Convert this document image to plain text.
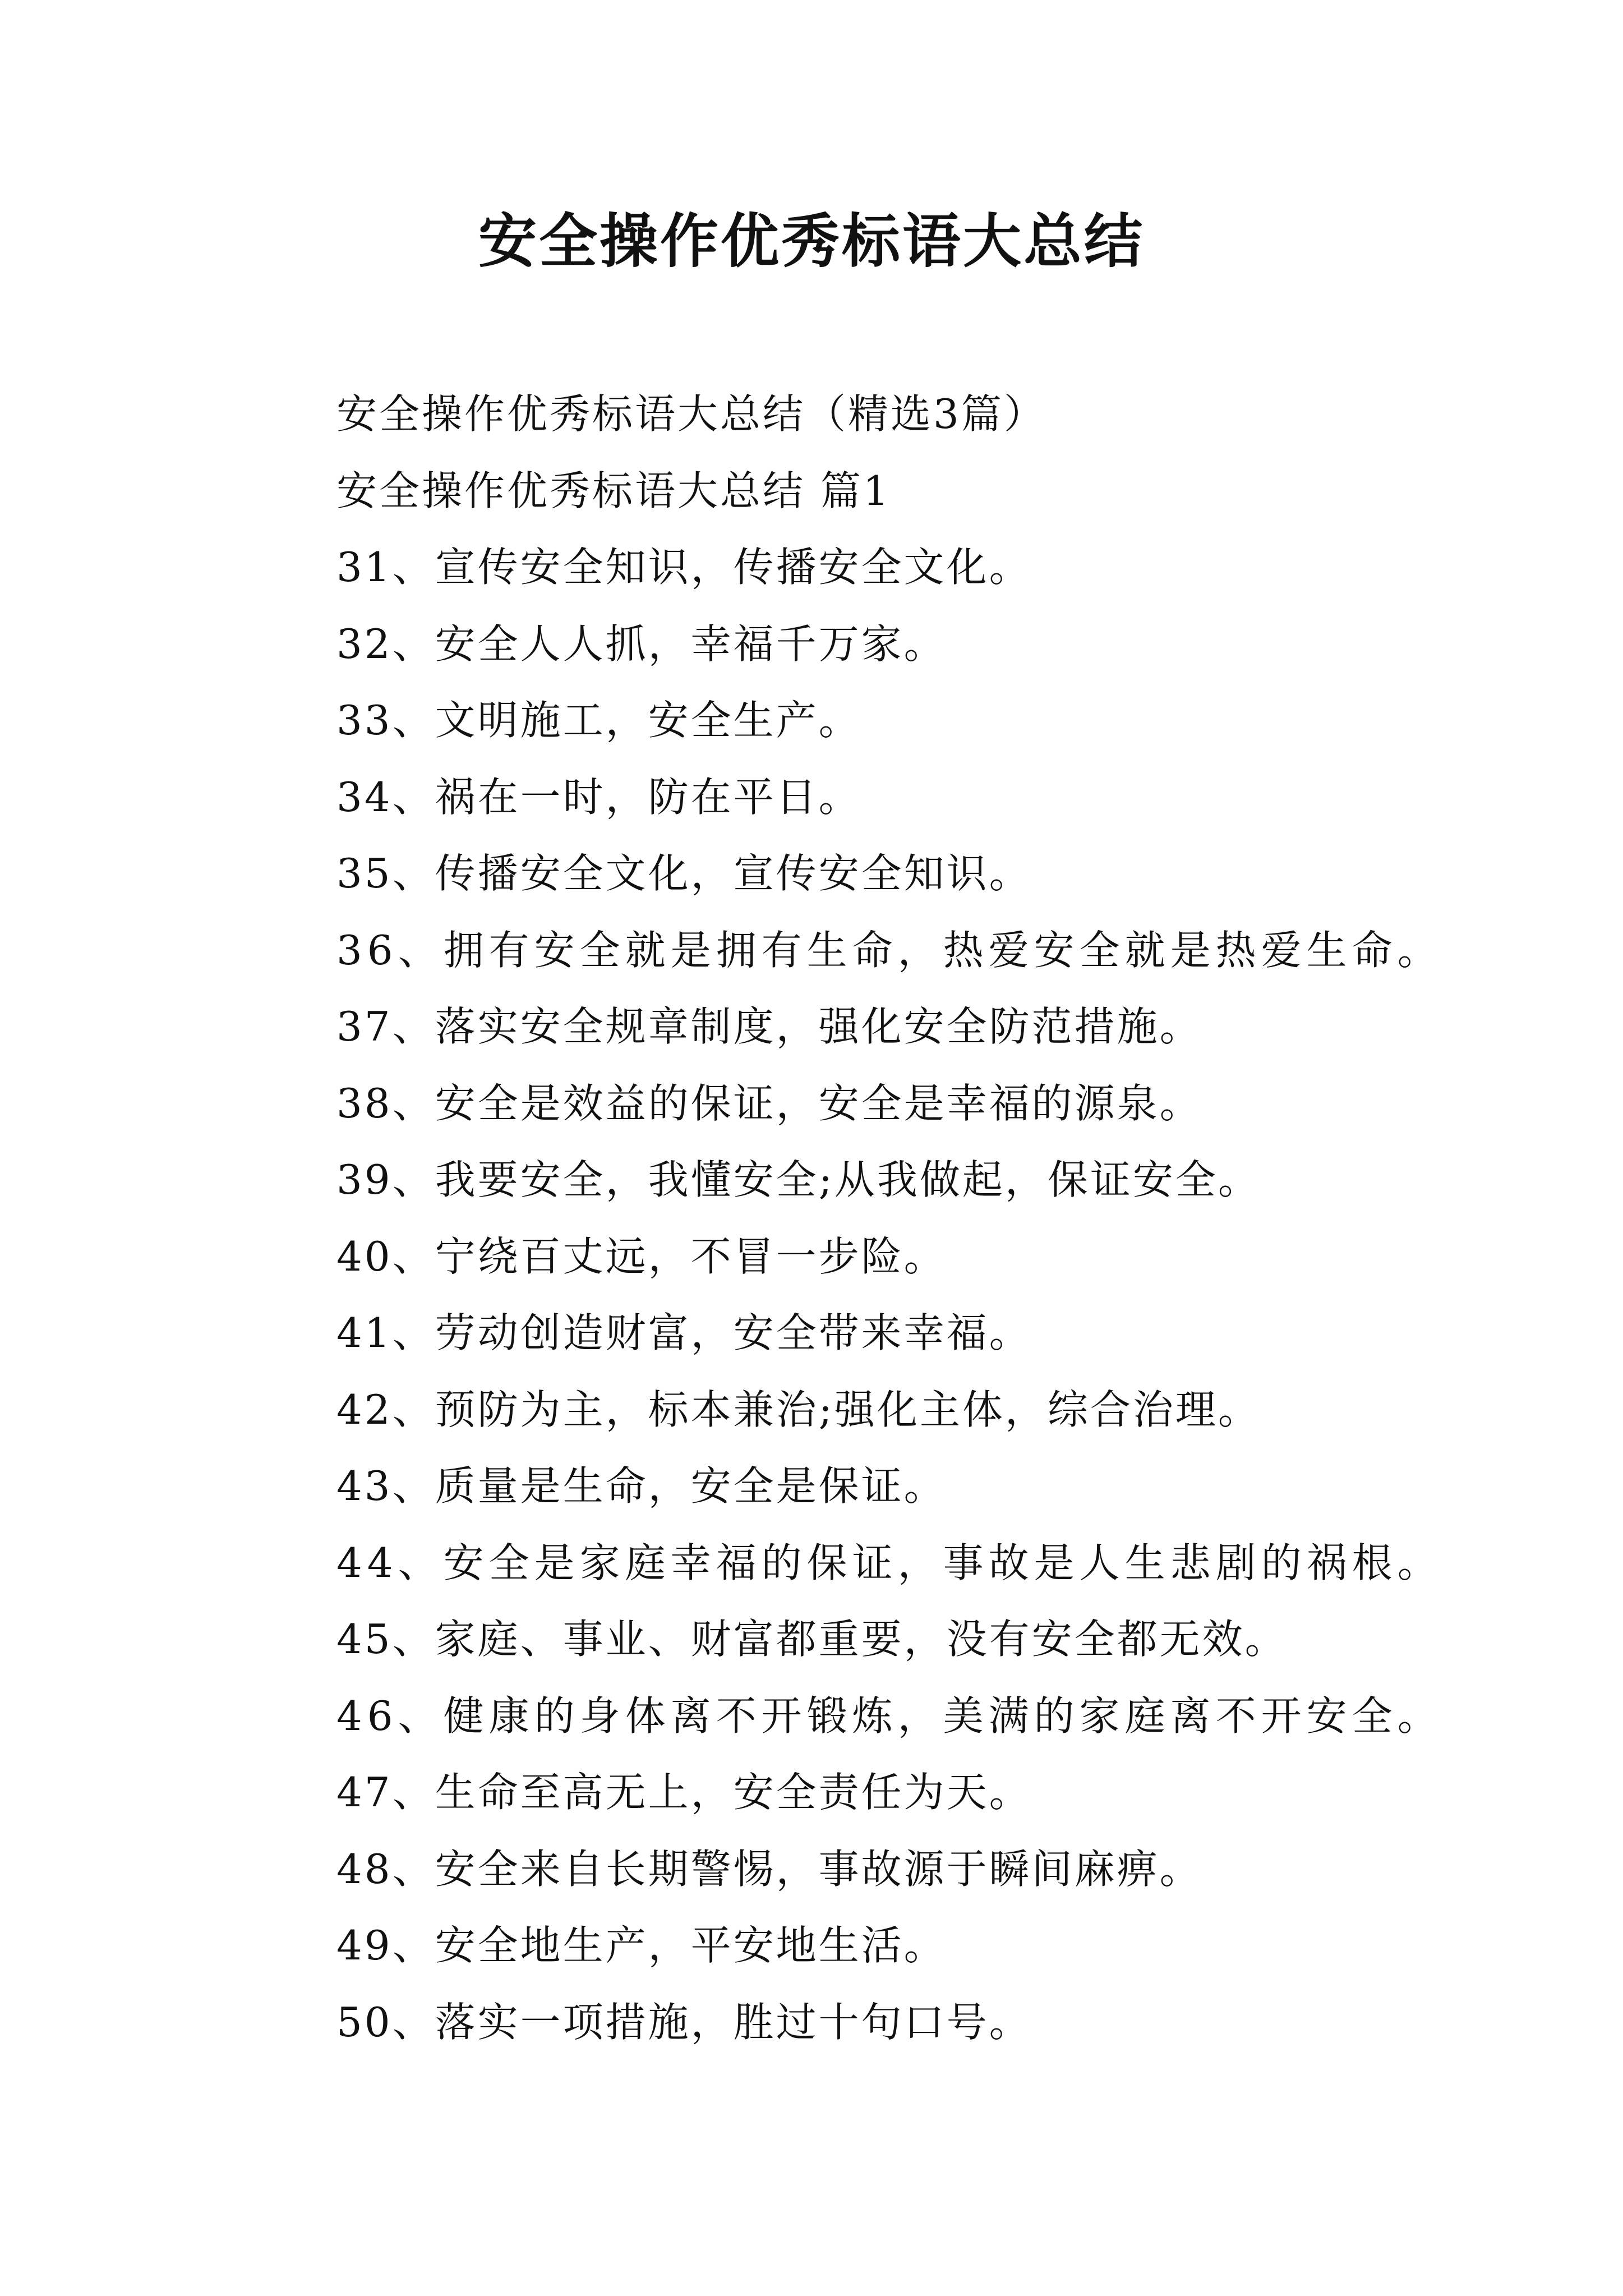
安全操作优秀标语大总结
安全操作优秀标语大总结（精选3篇）
安全操作优秀标语大总结 篇1
31、宣传安全知识，传播安全文化。
32、安全人人抓，幸福千万家。
33、文明施工，安全生产。
34、祸在一时，防在平日。
35、传播安全文化，宣传安全知识。
36、拥有安全就是拥有生命，热爱安全就是热爱生命。
37、落实安全规章制度，强化安全防范措施。
38、安全是效益的保证，安全是幸福的源泉。
39、我要安全，我懂安全;从我做起，保证安全。
40、宁绕百丈远，不冒一步险。
41、劳动创造财富，安全带来幸福。
42、预防为主，标本兼治;强化主体，综合治理。
43、质量是生命，安全是保证。
44、安全是家庭幸福的保证，事故是人生悲剧的祸根。
45、家庭、事业、财富都重要，没有安全都无效。
46、健康的身体离不开锻炼，美满的家庭离不开安全。
47、生命至高无上，安全责任为天。
48、安全来自长期警惕，事故源于瞬间麻痹。
49、安全地生产，平安地生活。
50、落实一项措施，胜过十句口号。
